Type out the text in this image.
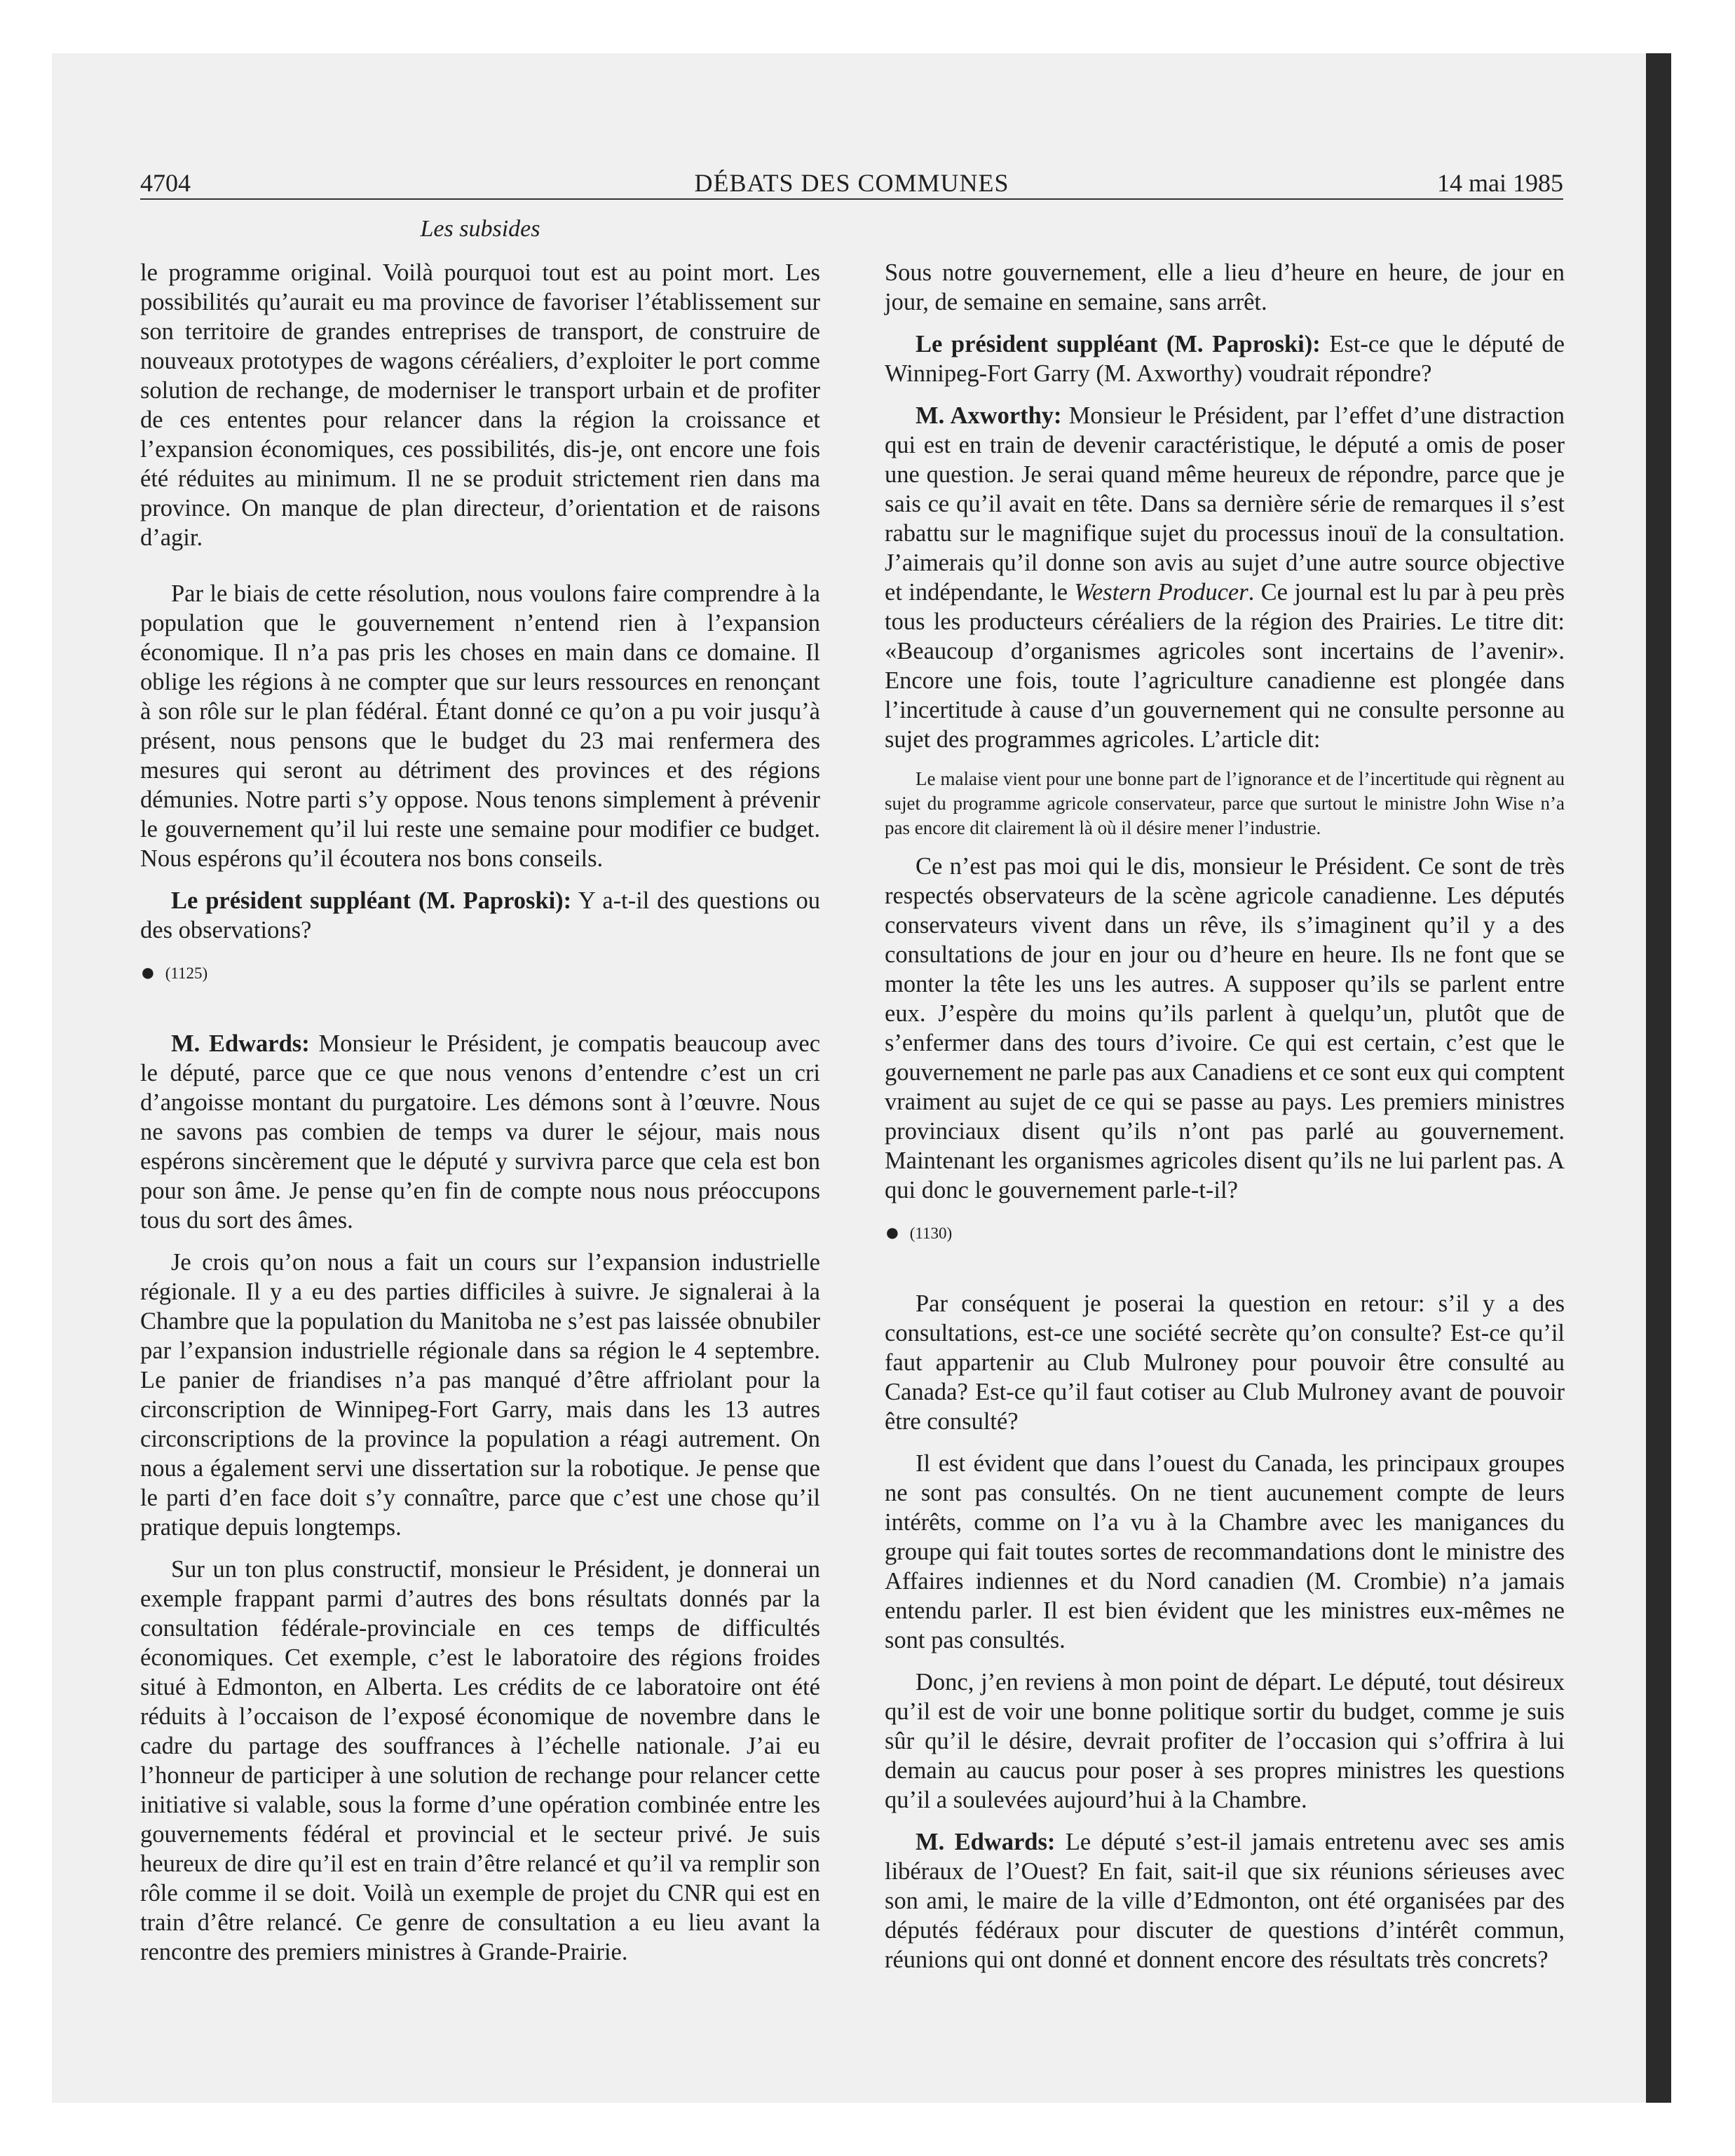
4704	DÉBATS DES COMMUNES	14 mai 1985
Les subsides

le programme original. Voilà pourquoi tout est au point mort. Les possibilités qu’aurait eu ma province de favoriser l’établissement sur son territoire de grandes entreprises de transport, de construire de nouveaux prototypes de wagons céréaliers, d’exploiter le port comme solution de rechange, de moderniser le transport urbain et de profiter de ces ententes pour relancer dans la région la croissance et l’expansion économiques, ces possibilités, dis-je, ont encore une fois été réduites au minimum. Il ne se produit strictement rien dans ma province. On manque de plan directeur, d’orientation et de raisons d’agir.

Par le biais de cette résolution, nous voulons faire comprendre à la population que le gouvernement n’entend rien à l’expansion économique. Il n’a pas pris les choses en main dans ce domaine. Il oblige les régions à ne compter que sur leurs ressources en renonçant à son rôle sur le plan fédéral. Étant donné ce qu’on a pu voir jusqu’à présent, nous pensons que le budget du 23 mai renfermera des mesures qui seront au détriment des provinces et des régions démunies. Notre parti s’y oppose. Nous tenons simplement à prévenir le gouvernement qu’il lui reste une semaine pour modifier ce budget. Nous espérons qu’il écoutera nos bons conseils.

Le président suppléant (M. Paproski): Y a-t-il des questions ou des observations?

● (1125)

M. Edwards: Monsieur le Président, je compatis beaucoup avec le député, parce que ce que nous venons d’entendre c’est un cri d’angoisse montant du purgatoire. Les démons sont à l’œuvre. Nous ne savons pas combien de temps va durer le séjour, mais nous espérons sincèrement que le député y survivra parce que cela est bon pour son âme. Je pense qu’en fin de compte nous nous préoccupons tous du sort des âmes.

Je crois qu’on nous a fait un cours sur l’expansion industrielle régionale. Il y a eu des parties difficiles à suivre. Je signalerai à la Chambre que la population du Manitoba ne s’est pas laissée obnubiler par l’expansion industrielle régionale dans sa région le 4 septembre. Le panier de friandises n’a pas manqué d’être affriolant pour la circonscription de Winnipeg-Fort Garry, mais dans les 13 autres circonscriptions de la province la population a réagi autrement. On nous a également servi une dissertation sur la robotique. Je pense que le parti d’en face doit s’y connaître, parce que c’est une chose qu’il pratique depuis longtemps.

Sur un ton plus constructif, monsieur le Président, je donnerai un exemple frappant parmi d’autres des bons résultats donnés par la consultation fédérale-provinciale en ces temps de difficultés économiques. Cet exemple, c’est le laboratoire des régions froides situé à Edmonton, en Alberta. Les crédits de ce laboratoire ont été réduits à l’occaison de l’exposé économique de novembre dans le cadre du partage des souffrances à l’échelle nationale. J’ai eu l’honneur de participer à une solution de rechange pour relancer cette initiative si valable, sous la forme d’une opération combinée entre les gouvernements fédéral et provincial et le secteur privé. Je suis heureux de dire qu’il est en train d’être relancé et qu’il va remplir son rôle comme il se doit. Voilà un exemple de projet du CNR qui est en train d’être relancé. Ce genre de consultation a eu lieu avant la rencontre des premiers ministres à Grande-Prairie.

Sous notre gouvernement, elle a lieu d’heure en heure, de jour en jour, de semaine en semaine, sans arrêt.

Le président suppléant (M. Paproski): Est-ce que le député de Winnipeg-Fort Garry (M. Axworthy) voudrait répondre?

M. Axworthy: Monsieur le Président, par l’effet d’une distraction qui est en train de devenir caractéristique, le député a omis de poser une question. Je serai quand même heureux de répondre, parce que je sais ce qu’il avait en tête. Dans sa dernière série de remarques il s’est rabattu sur le magnifique sujet du processus inouï de la consultation. J’aimerais qu’il donne son avis au sujet d’une autre source objective et indépendante, le Western Producer. Ce journal est lu par à peu près tous les producteurs céréaliers de la région des Prairies. Le titre dit: «Beaucoup d’organismes agricoles sont incertains de l’avenir». Encore une fois, toute l’agriculture canadienne est plongée dans l’incertitude à cause d’un gouvernement qui ne consulte personne au sujet des programmes agricoles. L’article dit:

Le malaise vient pour une bonne part de l’ignorance et de l’incertitude qui règnent au sujet du programme agricole conservateur, parce que surtout le ministre John Wise n’a pas encore dit clairement là où il désire mener l’industrie.

Ce n’est pas moi qui le dis, monsieur le Président. Ce sont de très respectés observateurs de la scène agricole canadienne. Les députés conservateurs vivent dans un rêve, ils s’imaginent qu’il y a des consultations de jour en jour ou d’heure en heure. Ils ne font que se monter la tête les uns les autres. A supposer qu’ils se parlent entre eux. J’espère du moins qu’ils parlent à quelqu’un, plutôt que de s’enfermer dans des tours d’ivoire. Ce qui est certain, c’est que le gouvernement ne parle pas aux Canadiens et ce sont eux qui comptent vraiment au sujet de ce qui se passe au pays. Les premiers ministres provinciaux disent qu’ils n’ont pas parlé au gouvernement. Maintenant les organismes agricoles disent qu’ils ne lui parlent pas. A qui donc le gouvernement parle-t-il?

● (1130)

Par conséquent je poserai la question en retour: s’il y a des consultations, est-ce une société secrète qu’on consulte? Est-ce qu’il faut appartenir au Club Mulroney pour pouvoir être consulté au Canada? Est-ce qu’il faut cotiser au Club Mulroney avant de pouvoir être consulté?

Il est évident que dans l’ouest du Canada, les principaux groupes ne sont pas consultés. On ne tient aucunement compte de leurs intérêts, comme on l’a vu à la Chambre avec les manigances du groupe qui fait toutes sortes de recommandations dont le ministre des Affaires indiennes et du Nord canadien (M. Crombie) n’a jamais entendu parler. Il est bien évident que les ministres eux-mêmes ne sont pas consultés.

Donc, j’en reviens à mon point de départ. Le député, tout désireux qu’il est de voir une bonne politique sortir du budget, comme je suis sûr qu’il le désire, devrait profiter de l’occasion qui s’offrira à lui demain au caucus pour poser à ses propres ministres les questions qu’il a soulevées aujourd’hui à la Chambre.

M. Edwards: Le député s’est-il jamais entretenu avec ses amis libéraux de l’Ouest? En fait, sait-il que six réunions sérieuses avec son ami, le maire de la ville d’Edmonton, ont été organisées par des députés fédéraux pour discuter de questions d’intérêt commun, réunions qui ont donné et donnent encore des résultats très concrets?
